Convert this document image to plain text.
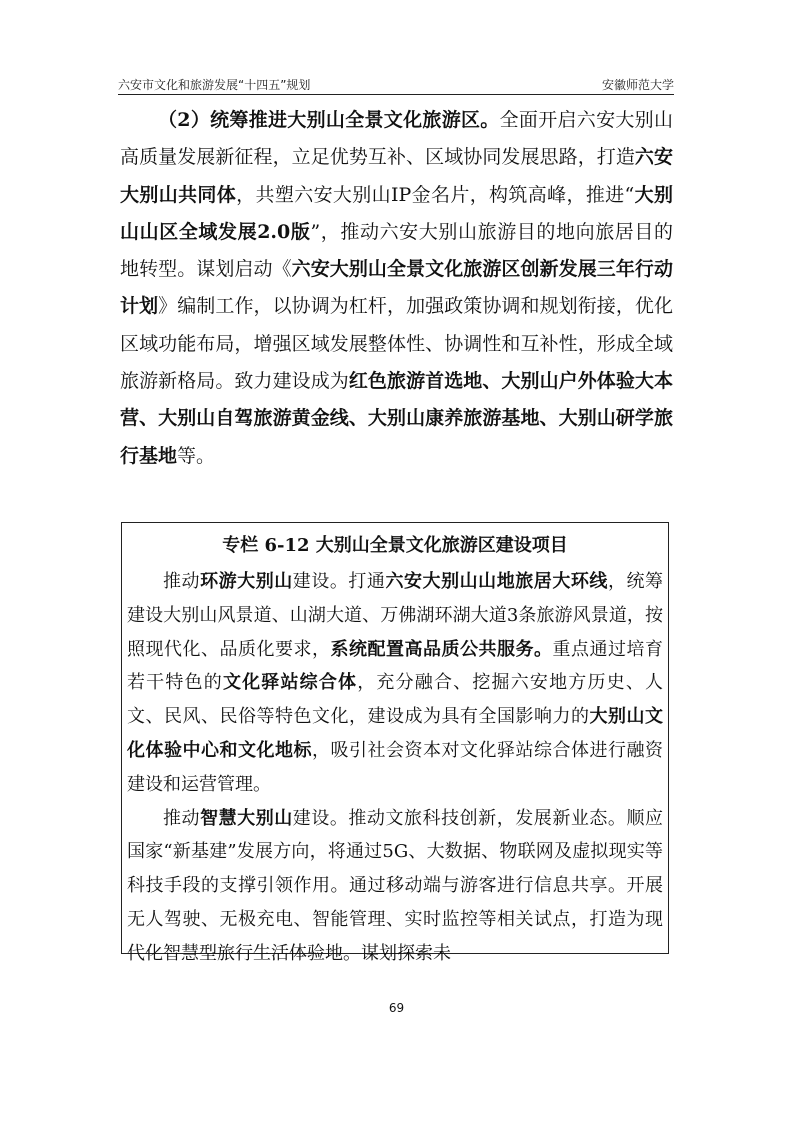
六安市文化和旅游发展“十四五”规划	安徽师范大学

（2）统筹推进大别山全景文化旅游区。全面开启六安大别山高质量发展新征程，立足优势互补、区域协同发展思路，打造六安大别山共同体，共塑六安大别山IP金名片，构筑高峰，推进“大别山山区全域发展2.0版”，推动六安大别山旅游目的地向旅居目的地转型。谋划启动《六安大别山全景文化旅游区创新发展三年行动计划》编制工作，以协调为杠杆，加强政策协调和规划衔接，优化区域功能布局，增强区域发展整体性、协调性和互补性，形成全域旅游新格局。致力建设成为红色旅游首选地、大别山户外体验大本营、大别山自驾旅游黄金线、大别山康养旅游基地、大别山研学旅行基地等。

专栏 6-12 大别山全景文化旅游区建设项目

推动环游大别山建设。打通六安大别山山地旅居大环线，统筹建设大别山风景道、山湖大道、万佛湖环湖大道3条旅游风景道，按照现代化、品质化要求，系统配置高品质公共服务。重点通过培育若干特色的文化驿站综合体，充分融合、挖掘六安地方历史、人文、民风、民俗等特色文化，建设成为具有全国影响力的大别山文化体验中心和文化地标，吸引社会资本对文化驿站综合体进行融资建设和运营管理。

推动智慧大别山建设。推动文旅科技创新，发展新业态。顺应国家“新基建”发展方向，将通过5G、大数据、物联网及虚拟现实等科技手段的支撑引领作用。通过移动端与游客进行信息共享。开展无人驾驶、无极充电、智能管理、实时监控等相关试点，打造为现代化智慧型旅行生活体验地。谋划探索未

69
